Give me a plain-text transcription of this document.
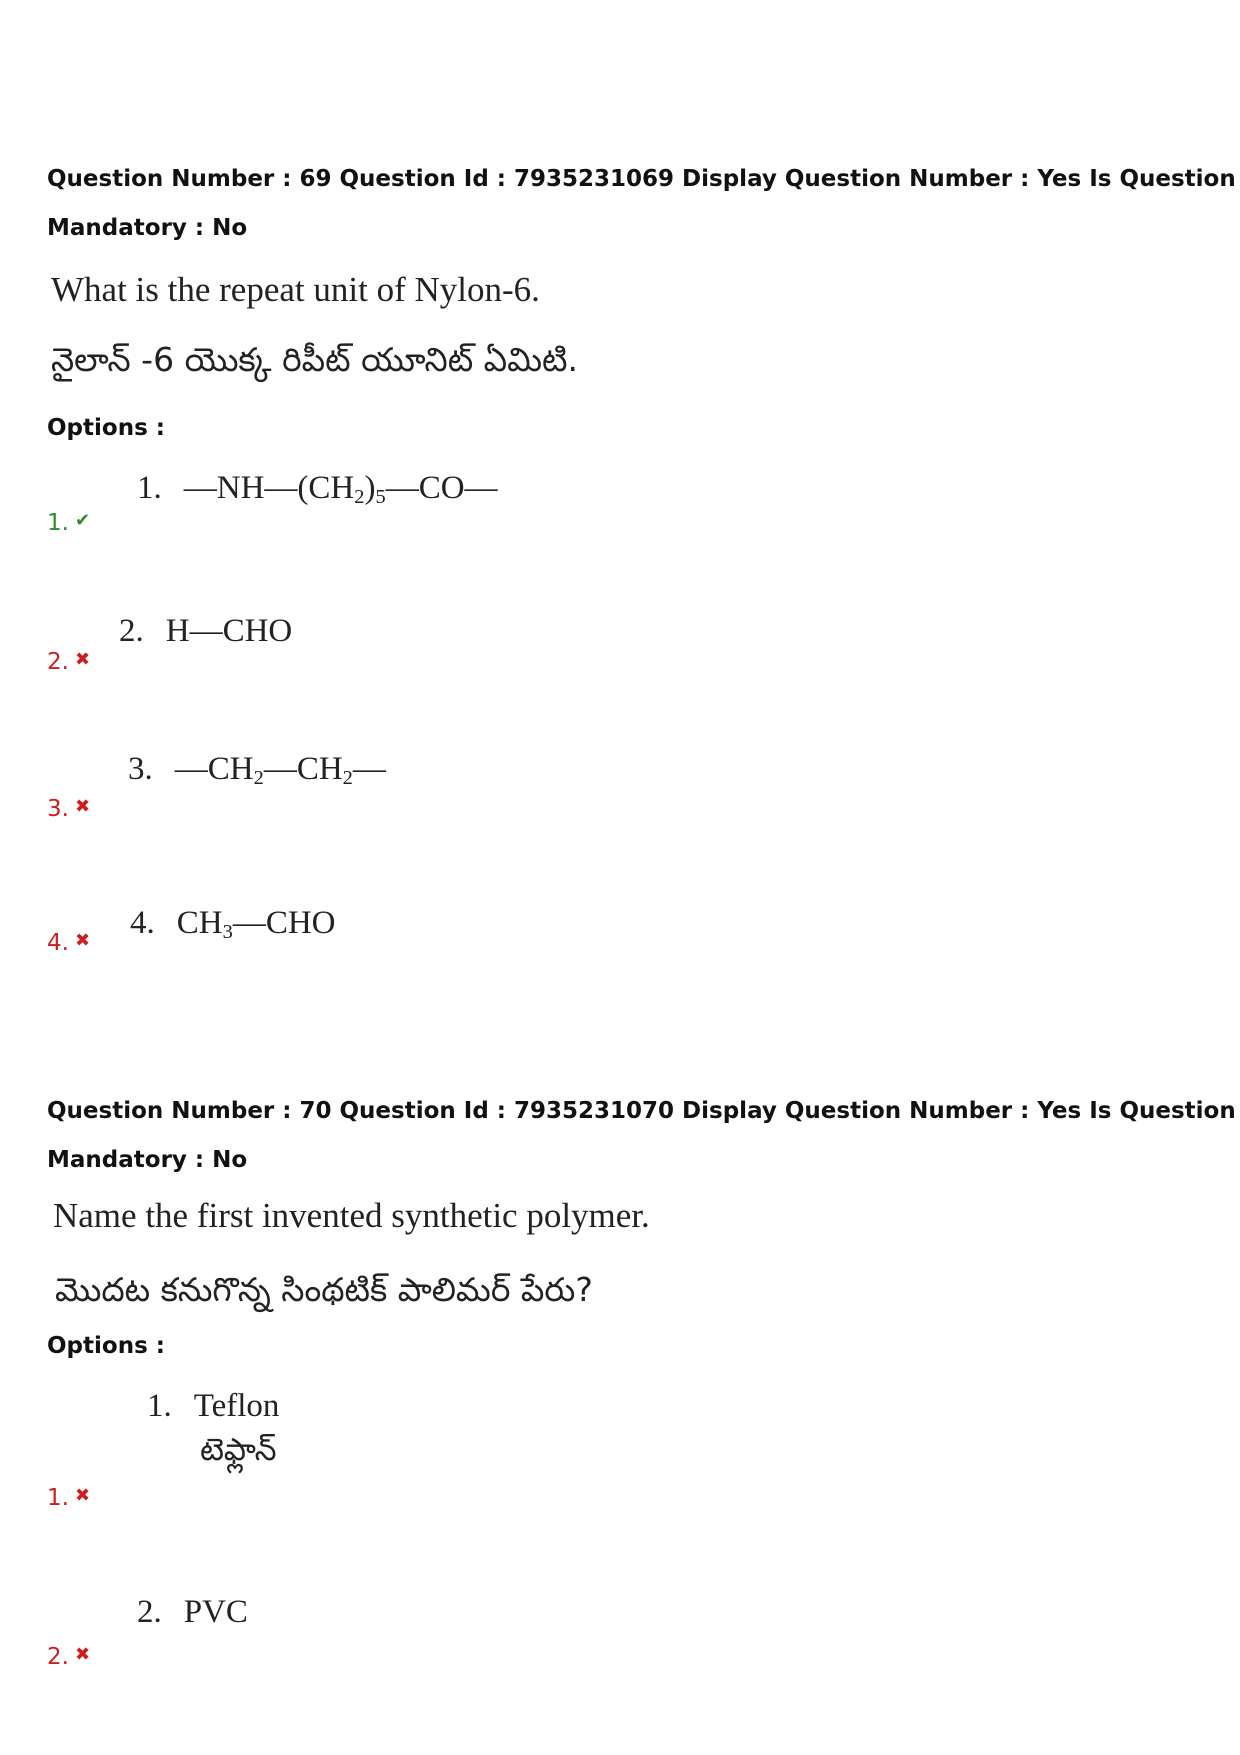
Question Number : 69 Question Id : 7935231069 Display Question Number : Yes Is Question
Mandatory : No
What is the repeat unit of Nylon-6.
నైలాన్ -6 యొక్క రిపీట్ యూనిట్ ఏమిటి.
Options :
1. $—NH—(CH_2)_5—CO—$
1. ✔
2. H—CHO
2. ✖
3. $—CH_2—CH_2—$
3. ✖
4. $CH_3—CHO$
4. ✖
Question Number : 70 Question Id : 7935231070 Display Question Number : Yes Is Question
Mandatory : No
Name the first invented synthetic polymer.
మొదట కనుగొన్న సింథటిక్ పాలిమర్ పేరు?
Options :
1. Teflon
టెఫ్లాన్
1. ✖
2. PVC
2. ✖
